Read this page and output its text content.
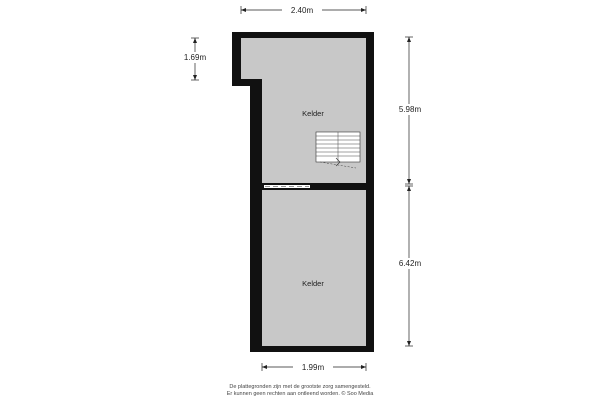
Kelder
Kelder
2.40m
1.69m
5.98m
6.42m
1.99m
De plattegronden zijn met de grootste zorg samengesteld.
Er kunnen geen rechten aan ontleend worden. © Soo Media
